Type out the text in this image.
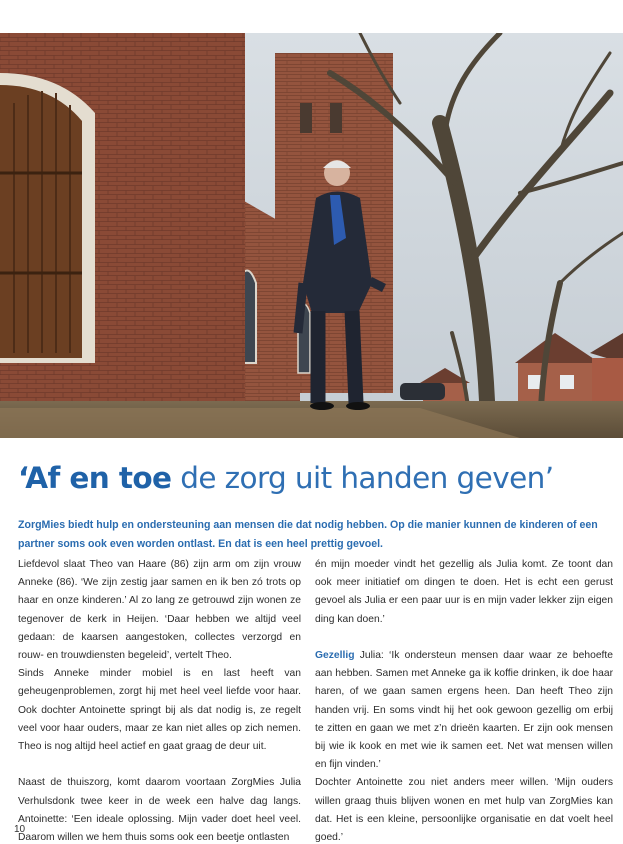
‘Af en toe de zorg uit handen geven’

ZorgMies biedt hulp en ondersteuning aan mensen die dat nodig hebben. Op die manier kunnen de kinderen of een partner soms ook even worden ontlast. En dat is een heel prettig gevoel.

Liefdevol slaat Theo van Haare (86) zijn arm om zijn vrouw Anneke (86). ‘We zijn zestig jaar samen en ik ben zó trots op haar en onze kinderen.’ Al zo lang ze getrouwd zijn wonen ze tegenover de kerk in Heijen. ‘Daar hebben we altijd veel gedaan: de kaarsen aangestoken, collectes verzorgd en rouw- en trouwdiensten begeleid’, vertelt Theo.

Sinds Anneke minder mobiel is en last heeft van geheugenproblemen, zorgt hij met heel veel liefde voor haar. Ook dochter Antoinette springt bij als dat nodig is, ze regelt veel voor haar ouders, maar ze kan niet alles op zich nemen. Theo is nog altijd heel actief en gaat graag de deur uit.

Naast de thuiszorg, komt daarom voortaan ZorgMies Julia Verhulsdonk twee keer in de week een halve dag langs. Antoinette: ‘Een ideale oplossing. Mijn vader doet heel veel. Daarom willen we hem thuis soms ook een beetje ontlasten

én mijn moeder vindt het gezellig als Julia komt. Ze toont dan ook meer initiatief om dingen te doen. Het is echt een gerust gevoel als Julia er een paar uur is en mijn vader lekker zijn eigen ding kan doen.’

Gezellig Julia: ‘Ik ondersteun mensen daar waar ze behoefte aan hebben. Samen met Anneke ga ik koffie drinken, ik doe haar haren, of we gaan samen ergens heen. Dan heeft Theo zijn handen vrij. En soms vindt hij het ook gewoon gezellig om erbij te zitten en gaan we met z’n drieën kaarten. Er zijn ook mensen bij wie ik kook en met wie ik samen eet. Net wat mensen willen en fijn vinden.’

Dochter Antoinette zou niet anders meer willen. ‘Mijn ouders willen graag thuis blijven wonen en met hulp van ZorgMies kan dat. Het is een kleine, persoonlijke organisatie en dat voelt heel goed.’

10
